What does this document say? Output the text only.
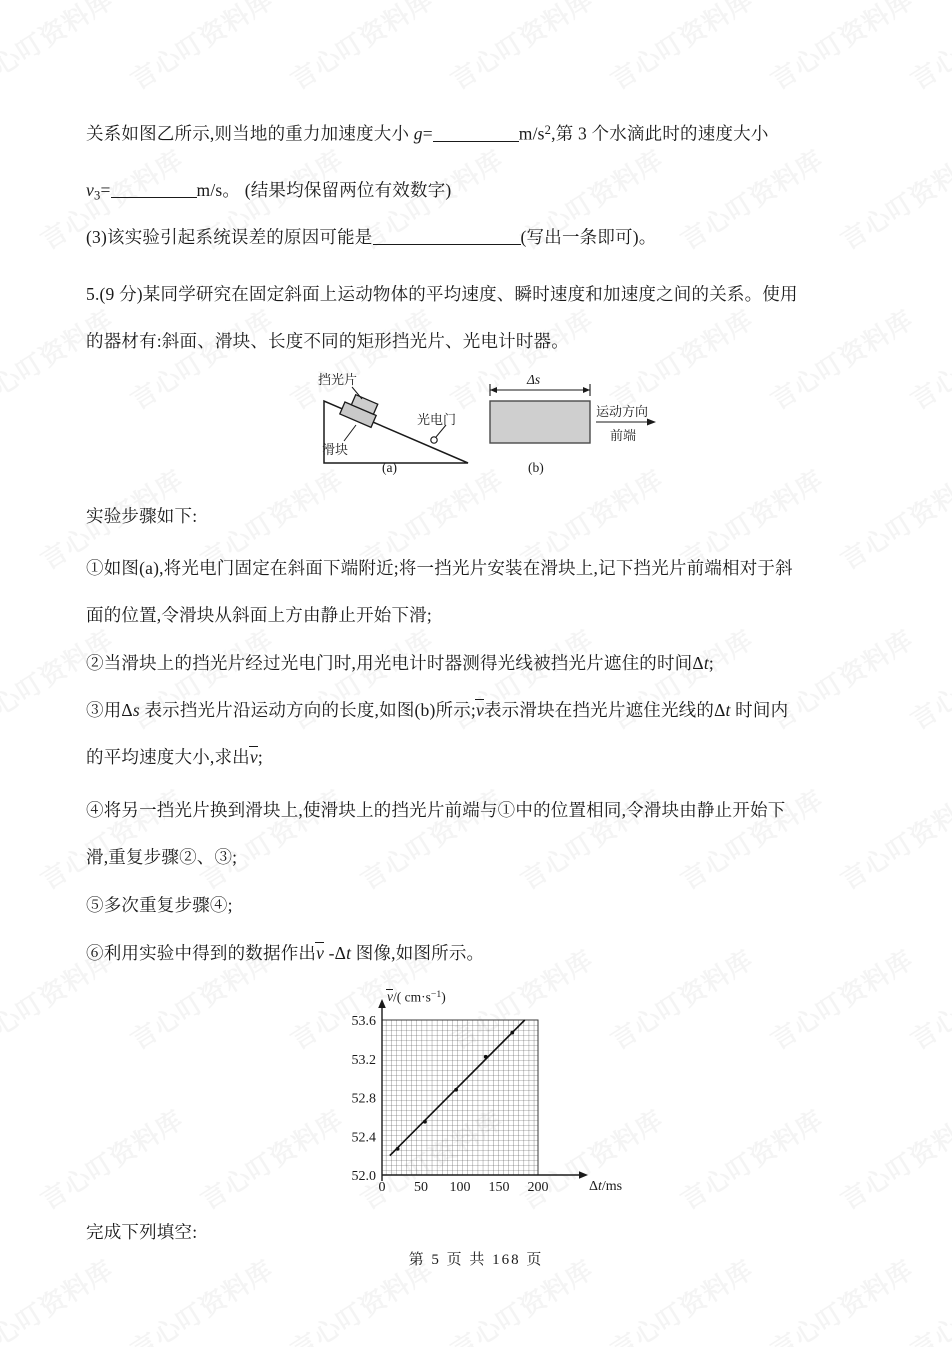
关系如图乙所示,则当地的重力加速度大小 g=	$m/s^2$,第 3 个水滴此时的速度大小
$v_3=$	m/s。 (结果均保留两位有效数字)
(3)该实验引起系统误差的原因可能是	(写出一条即可)。
5.(9 分)某同学研究在固定斜面上运动物体的平均速度、瞬时速度和加速度之间的关系。使用
的器材有:斜面、滑块、长度不同的矩形挡光片、光电计时器。
挡光片
滑块
光电门
Δs
运动方向
前端
(a)	(b)
实验步骤如下:
①如图(a),将光电门固定在斜面下端附近;将一挡光片安装在滑块上,记下挡光片前端相对于斜
面的位置,令滑块从斜面上方由静止开始下滑;
②当滑块上的挡光片经过光电门时,用光电计时器测得光线被挡光片遮住的时间Δt;
③用Δs 表示挡光片沿运动方向的长度,如图(b)所示;v表示滑块在挡光片遮住光线的Δt 时间内
的平均速度大小,求出v;
④将另一挡光片换到滑块上,使滑块上的挡光片前端与①中的位置相同,令滑块由静止开始下
滑,重复步骤②、③;
⑤多次重复步骤④;
⑥利用实验中得到的数据作出v -Δt 图像,如图所示。
52.0
52.4
52.8
53.2
53.6
0 50 100 150 200
v/( $cm\cdot s^{-1}$)
Δt/ms
完成下列填空:
第 5 页 共 168 页
